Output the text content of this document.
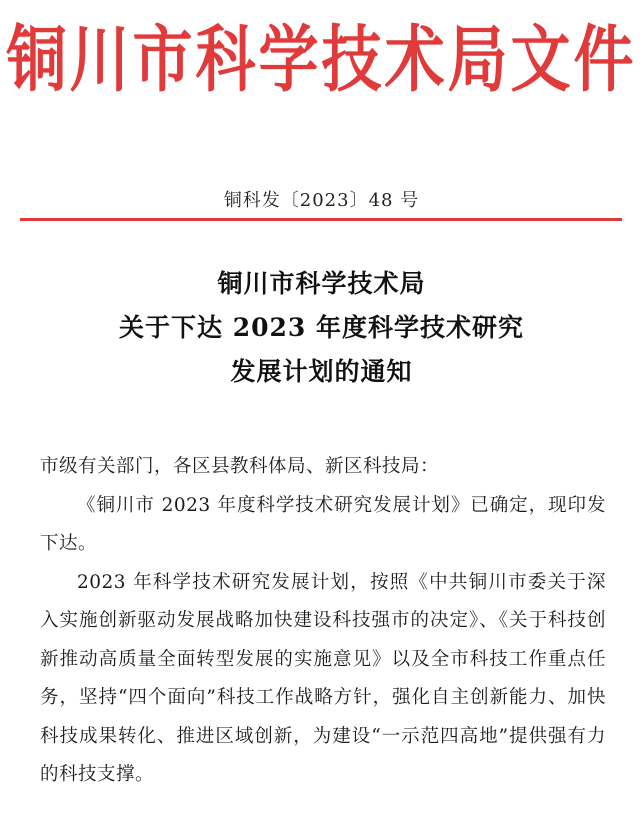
铜川市科学技术局文件
铜科发〔2023〕48 号
铜川市科学技术局
关于下达 2023 年度科学技术研究
发展计划的通知

市级有关部门，各区县教科体局、新区科技局：

《铜川市 2023 年度科学技术研究发展计划》已确定，现印发下达。

2023 年科学技术研究发展计划，按照《中共铜川市委关于深入实施创新驱动发展战略加快建设科技强市的决定》、《关于科技创新推动高质量全面转型发展的实施意见》以及全市科技工作重点任务，坚持“四个面向”科技工作战略方针，强化自主创新能力、加快科技成果转化、推进区域创新，为建设“一示范四高地”提供强有力的科技支撑。
